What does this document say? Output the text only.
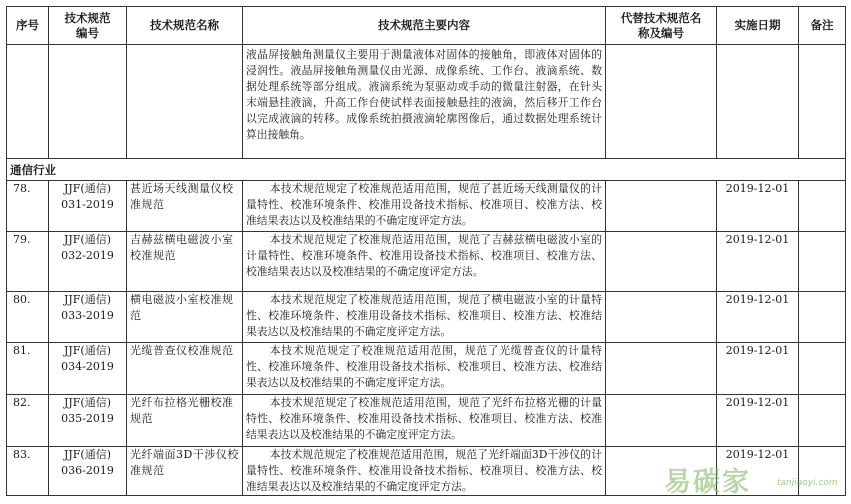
序号	技术规范编号	技术规范名称	技术规范主要内容	代替技术规范名称及编号	实施日期	备注
			液晶屏接触角测量仪主要用于测量液体对固体的接触角，即液体对固体的浸润性。液晶屏接触角测量仪由光源、成像系统、工作台、液滴系统、数据处理系统等部分组成。液滴系统为泵驱动或手动的微量注射器，在针头末端悬挂液滴，升高工作台使试样表面接触悬挂的液滴，然后移开工作台以完成液滴的转移。成像系统拍摄液滴轮廓图像后，通过数据处理系统计算出接触角。			
通信行业						
78.	JJF(通信) 031-2019	甚近场天线测量仪校准规范	本技术规范规定了校准规范适用范围，规范了甚近场天线测量仪的计量特性、校准环境条件、校准用设备技术指标、校准项目、校准方法、校准结果表达以及校准结果的不确定度评定方法。		2019-12-01	
79.	JJF(通信) 032-2019	吉赫兹横电磁波小室校准规范	本技术规范规定了校准规范适用范围，规范了吉赫兹横电磁波小室的计量特性、校准环境条件、校准用设备技术指标、校准项目、校准方法、校准结果表达以及校准结果的不确定度评定方法。		2019-12-01	
80.	JJF(通信) 033-2019	横电磁波小室校准规范	本技术规范规定了校准规范适用范围，规范了横电磁波小室的计量特性、校准环境条件、校准用设备技术指标、校准项目、校准方法、校准结果表达以及校准结果的不确定度评定方法。		2019-12-01	
81.	JJF(通信) 034-2019	光缆普查仪校准规范	本技术规范规定了校准规范适用范围，规范了光缆普查仪的计量特性、校准环境条件、校准用设备技术指标、校准项目、校准方法、校准结果表达以及校准结果的不确定度评定方法。		2019-12-01	
82.	JJF(通信) 035-2019	光纤布拉格光栅校准规范	本技术规范规定了校准规范适用范围，规范了光纤布拉格光栅的计量特性、校准环境条件、校准用设备技术指标、校准项目、校准方法、校准结果表达以及校准结果的不确定度评定方法。		2019-12-01	
83.	JJF(通信) 036-2019	光纤端面3D干涉仪校准规范	本技术规范规定了校准规范适用范围，规范了光纤端面3D干涉仪的计量特性、校准环境条件、校准用设备技术指标、校准项目、校准方法、校准结果表达以及校准结果的不确定度评定方法。		2019-12-01	
易碳家	tanjiaoyi.com
